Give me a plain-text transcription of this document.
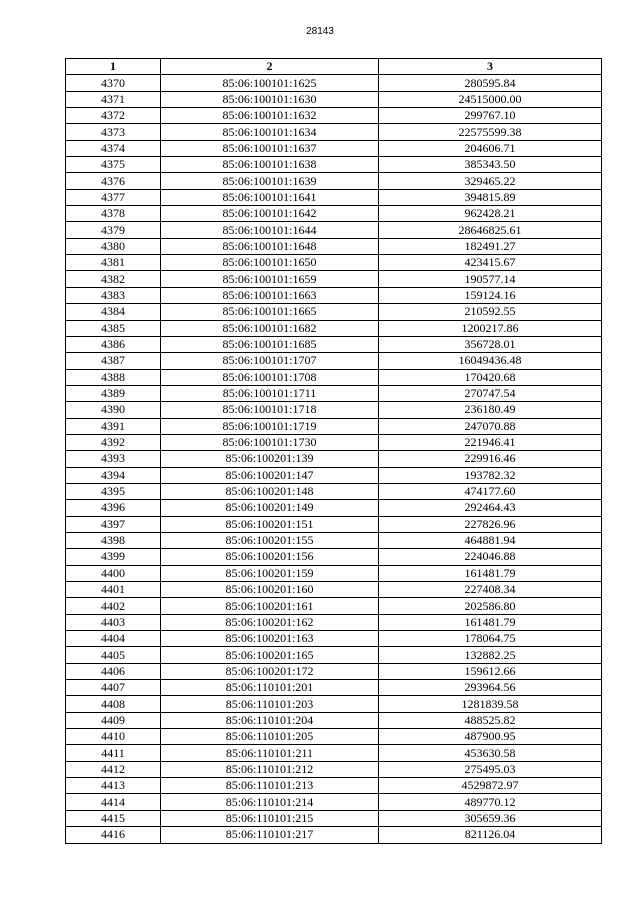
28143
1	2	3
4370	85:06:100101:1625	280595.84
4371	85:06:100101:1630	24515000.00
4372	85:06:100101:1632	299767.10
4373	85:06:100101:1634	22575599.38
4374	85:06:100101:1637	204606.71
4375	85:06:100101:1638	385343.50
4376	85:06:100101:1639	329465.22
4377	85:06:100101:1641	394815.89
4378	85:06:100101:1642	962428.21
4379	85:06:100101:1644	28646825.61
4380	85:06:100101:1648	182491.27
4381	85:06:100101:1650	423415.67
4382	85:06:100101:1659	190577.14
4383	85:06:100101:1663	159124.16
4384	85:06:100101:1665	210592.55
4385	85:06:100101:1682	1200217.86
4386	85:06:100101:1685	356728.01
4387	85:06:100101:1707	16049436.48
4388	85:06:100101:1708	170420.68
4389	85:06:100101:1711	270747.54
4390	85:06:100101:1718	236180.49
4391	85:06:100101:1719	247070.88
4392	85:06:100101:1730	221946.41
4393	85:06:100201:139	229916.46
4394	85:06:100201:147	193782.32
4395	85:06:100201:148	474177.60
4396	85:06:100201:149	292464.43
4397	85:06:100201:151	227826.96
4398	85:06:100201:155	464881.94
4399	85:06:100201:156	224046.88
4400	85:06:100201:159	161481.79
4401	85:06:100201:160	227408.34
4402	85:06:100201:161	202586.80
4403	85:06:100201:162	161481.79
4404	85:06:100201:163	178064.75
4405	85:06:100201:165	132882.25
4406	85:06:100201:172	159612.66
4407	85:06:110101:201	293964.56
4408	85:06:110101:203	1281839.58
4409	85:06:110101:204	488525.82
4410	85:06:110101:205	487900.95
4411	85:06:110101:211	453630.58
4412	85:06:110101:212	275495.03
4413	85:06:110101:213	4529872.97
4414	85:06:110101:214	489770.12
4415	85:06:110101:215	305659.36
4416	85:06:110101:217	821126.04
